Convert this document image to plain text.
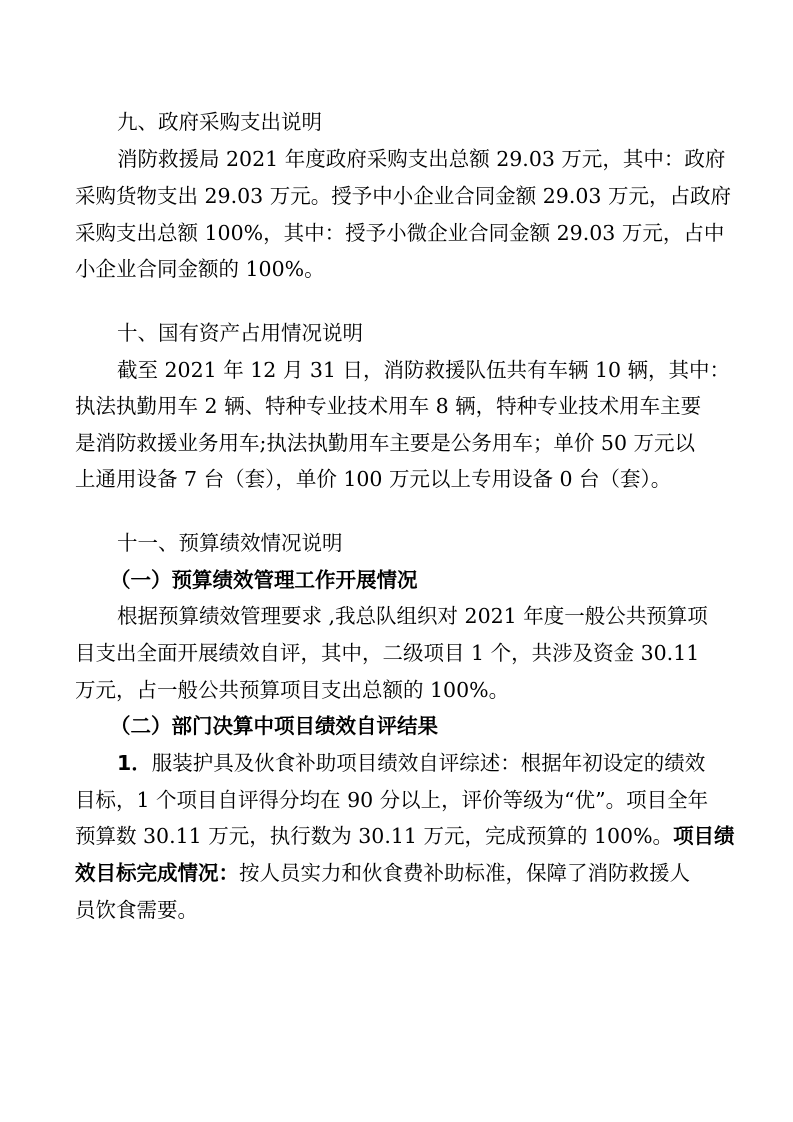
九、政府采购支出说明
消防救援局 2021 年度政府采购支出总额 29.03 万元，其中：政府
采购货物支出 29.03 万元。授予中小企业合同金额 29.03 万元，占政府
采购支出总额 100%，其中：授予小微企业合同金额 29.03 万元，占中
小企业合同金额的 100%。
十、国有资产占用情况说明
截至 2021 年 12 月 31 日，消防救援队伍共有车辆 10 辆，其中：
执法执勤用车 2 辆、特种专业技术用车 8 辆，特种专业技术用车主要
是消防救援业务用车;执法执勤用车主要是公务用车；单价 50 万元以
上通用设备 7 台（套），单价 100 万元以上专用设备 0 台（套）。
十一、预算绩效情况说明
（一）预算绩效管理工作开展情况
根据预算绩效管理要求 ,我总队组织对 2021 年度一般公共预算项
目支出全面开展绩效自评，其中，二级项目 1 个，共涉及资金 30.11
万元，占一般公共预算项目支出总额的 100%。
（二）部门决算中项目绩效自评结果
1．服装护具及伙食补助项目绩效自评综述：根据年初设定的绩效
目标，1 个项目自评得分均在 90 分以上，评价等级为“优”。项目全年
预算数 30.11 万元，执行数为 30.11 万元，完成预算的 100%。项目绩
效目标完成情况：按人员实力和伙食费补助标准，保障了消防救援人
员饮食需要。
